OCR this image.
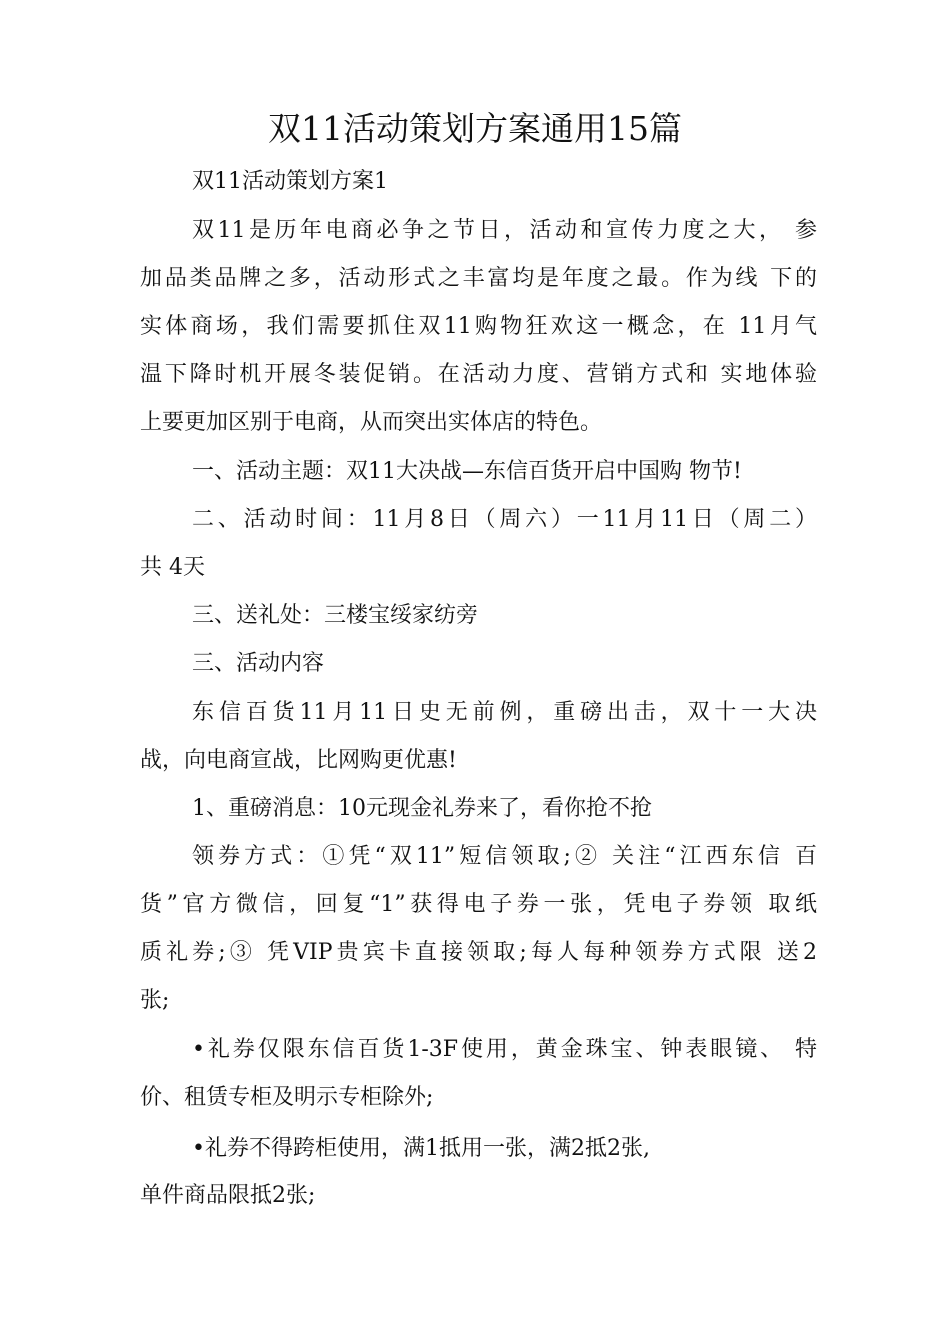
双11活动策划方案通用15篇

双11活动策划方案1

双11是历年电商必争之节日，活动和宣传力度之大， 参

加品类品牌之多，活动形式之丰富均是年度之最。作为线 下的

实体商场，我们需要抓住双11购物狂欢这一概念，在 11月气

温下降时机开展冬装促销。在活动力度、营销方式和 实地体验

上要更加区别于电商，从而突出实体店的特色。

一、活动主题：双11大决战—东信百货开启中国购 物节!

二、活动时间：11月8日（周六）一11月11日（周二）

共 4天

三、送礼处：三楼宝绥家纺旁

三、活动内容

东信百货11月11日史无前例，重磅出击，双十一大决

战，向电商宣战，比网购更优惠!

1、重磅消息：10元现金礼券来了，看你抢不抢

领券方式：①凭“双11”短信领取;② 关注“江西东信 百

货”官方微信，回复“1”获得电子券一张，凭电子券领 取纸

质礼券;③ 凭VIP贵宾卡直接领取;每人每种领券方式限 送2

张;

•礼券仅限东信百货1-3F使用，黄金珠宝、钟表眼镜、 特

价、租赁专柜及明示专柜除外;

•礼券不得跨柜使用，满1抵用一张，满2抵2张,

单件商品限抵2张;
